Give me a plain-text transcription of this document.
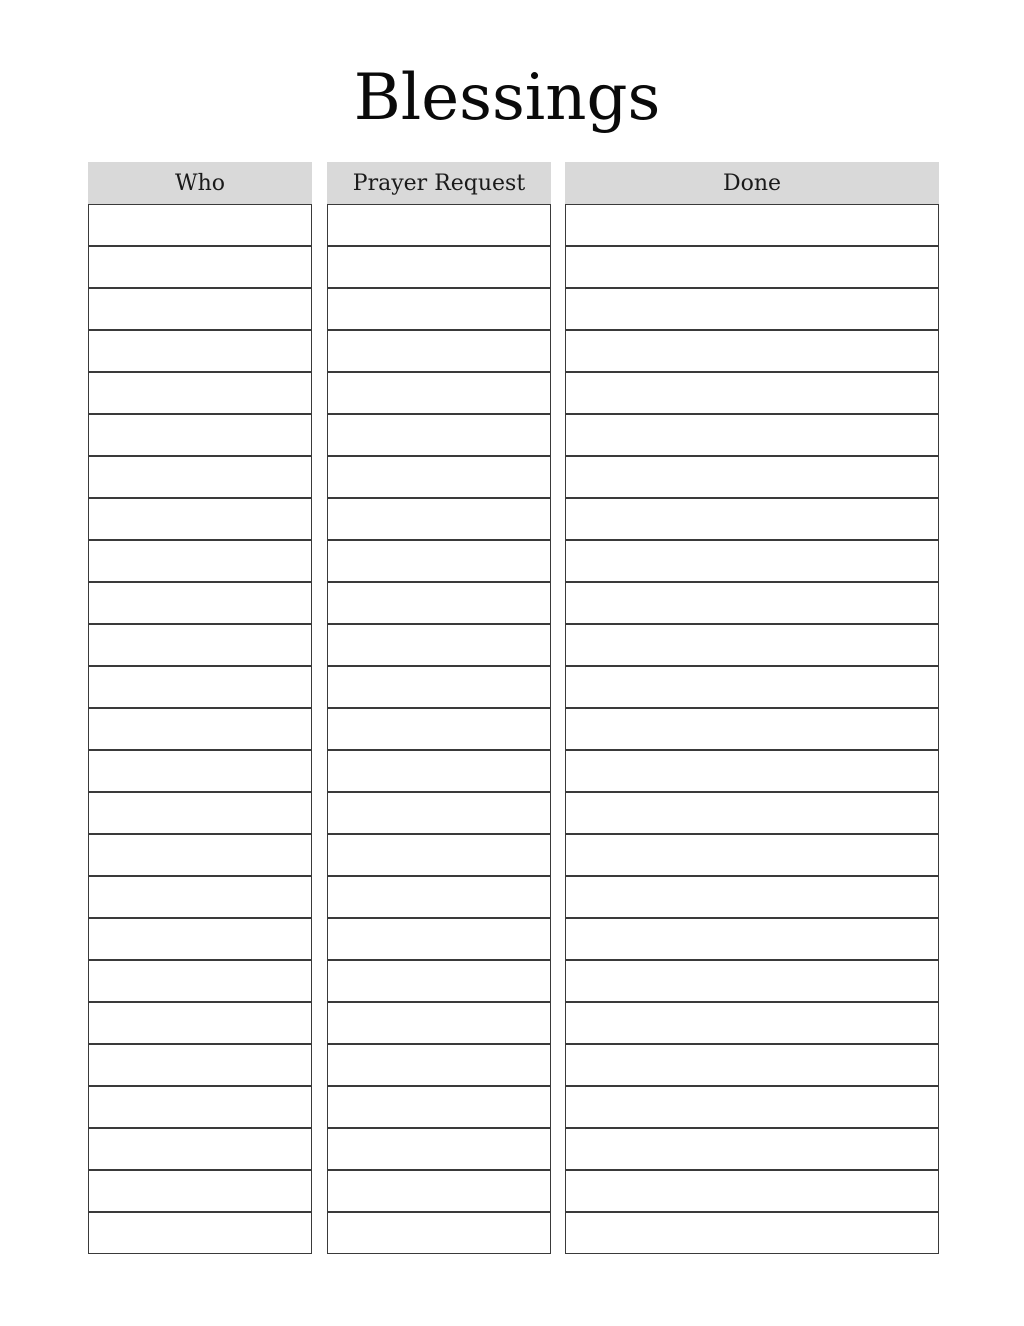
Blessings
Who	Prayer Request	Done
